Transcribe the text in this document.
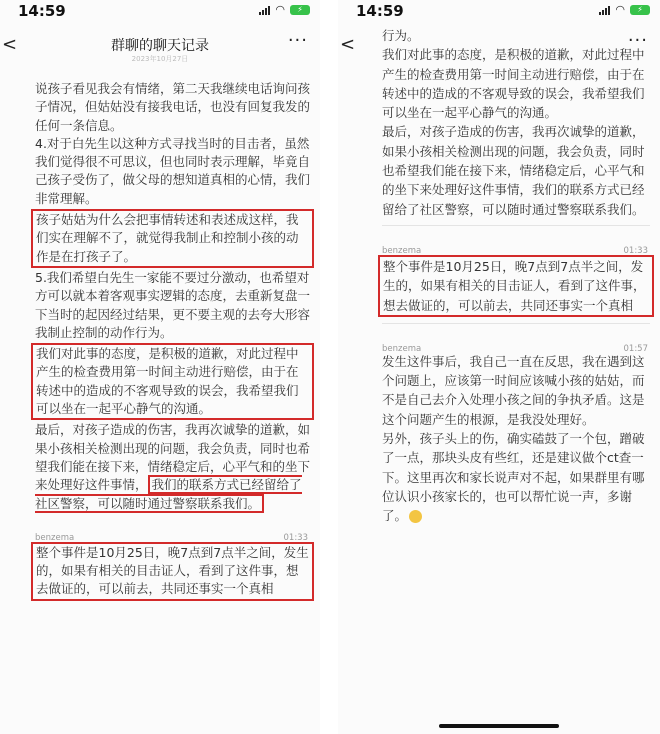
14:59	◠	⚡
<	群聊的聊天记录
2023年10月27日
···

说孩子看见我会有情绪，第二天我继续电话询问孩子情况，但姑姑没有接我电话，也没有回复我发的任何一条信息。

4.对于白先生以这种方式寻找当时的目击者，虽然我们觉得很不可思议，但也同时表示理解，毕竟自己孩子受伤了，做父母的想知道真相的心情，我们非常理解。

孩子姑姑为什么会把事情转述和表述成这样，我们实在理解不了，就觉得我制止和控制小孩的动作是在打孩子了。

5.我们希望白先生一家能不要过分激动，也希望对方可以就本着客观事实逻辑的态度，去重新复盘一下当时的起因经过结果，更不要主观的去夸大形容我制止控制的动作行为。

我们对此事的态度，是积极的道歉，对此过程中产生的检查费用第一时间主动进行赔偿，由于在转述中的造成的不客观导致的误会，我希望我们可以坐在一起平心静气的沟通。

最后，对孩子造成的伤害，我再次诚挚的道歉，如果小孩相关检测出现的问题，我会负责，同时也希望我们能在接下来，情绪稳定后，心平气和的坐下来处理好这件事情， 我们的联系方式已经留给了社区警察，可以随时通过警察联系我们。

benzema	01:33

整个事件是10月25日，晚7点到7点半之间，发生的，如果有相关的目击证人，看到了这件事，想去做证的，可以前去，共同还事实一个真相

14:59	◠	⚡
<	···

行为。

我们对此事的态度，是积极的道歉，对此过程中产生的检查费用第一时间主动进行赔偿，由于在转述中的造成的不客观导致的误会，我希望我们可以坐在一起平心静气的沟通。

最后，对孩子造成的伤害，我再次诚挚的道歉，如果小孩相关检测出现的问题，我会负责，同时也希望我们能在接下来，情绪稳定后，心平气和的坐下来处理好这件事情，我们的联系方式已经留给了社区警察，可以随时通过警察联系我们。

benzema	01:33

整个事件是10月25日，晚7点到7点半之间，发生的，如果有相关的目击证人，看到了这件事，想去做证的，可以前去，共同还事实一个真相

benzema	01:57

发生这件事后，我自己一直在反思，我在遇到这个问题上，应该第一时间应该喊小孩的姑姑，而不是自己去介入处理小孩之间的争执矛盾。这是这个问题产生的根源，是我没处理好。

另外，孩子头上的伤，确实磕鼓了一个包，蹭破了一点，那块头皮有些红，还是建议做个ct查一下。这里再次和家长说声对不起，如果群里有哪位认识小孩家长的，也可以帮忙说一声，多谢了。
